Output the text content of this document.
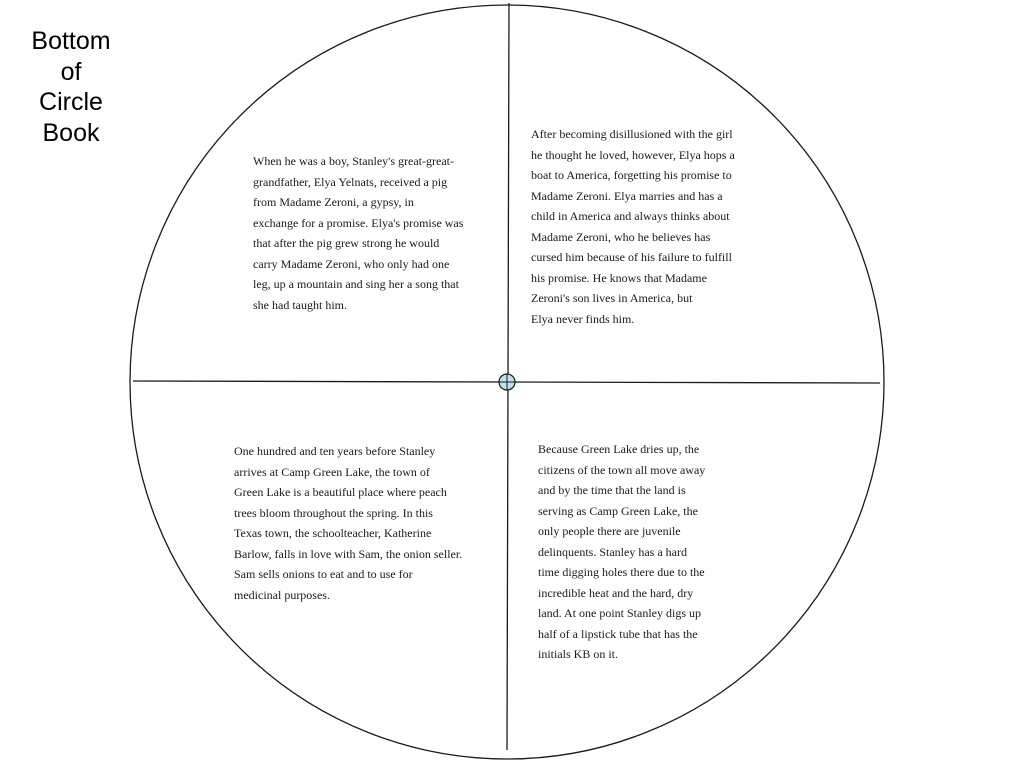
Bottom
of
Circle
Book
When he was a boy, Stanley's great-great-
grandfather, Elya Yelnats, received a pig
from Madame Zeroni, a gypsy, in
exchange for a promise. Elya's promise was
that after the pig grew strong he would
carry Madame Zeroni, who only had one
leg, up a mountain and sing her a song that
she had taught him.
After becoming disillusioned with the girl
he thought he loved, however, Elya hops a
boat to America, forgetting his promise to
Madame Zeroni. Elya marries and has a
child in America and always thinks about
Madame Zeroni, who he believes has
cursed him because of his failure to fulfill
his promise. He knows that Madame
Zeroni's son lives in America, but
Elya never finds him.
One hundred and ten years before Stanley
arrives at Camp Green Lake, the town of
Green Lake is a beautiful place where peach
trees bloom throughout the spring. In this
Texas town, the schoolteacher, Katherine
Barlow, falls in love with Sam, the onion seller.
Sam sells onions to eat and to use for
medicinal purposes.
Because Green Lake dries up, the
citizens of the town all move away
and by the time that the land is
serving as Camp Green Lake, the
only people there are juvenile
delinquents. Stanley has a hard
time digging holes there due to the
incredible heat and the hard, dry
land. At one point Stanley digs up
half of a lipstick tube that has the
initials KB on it.
